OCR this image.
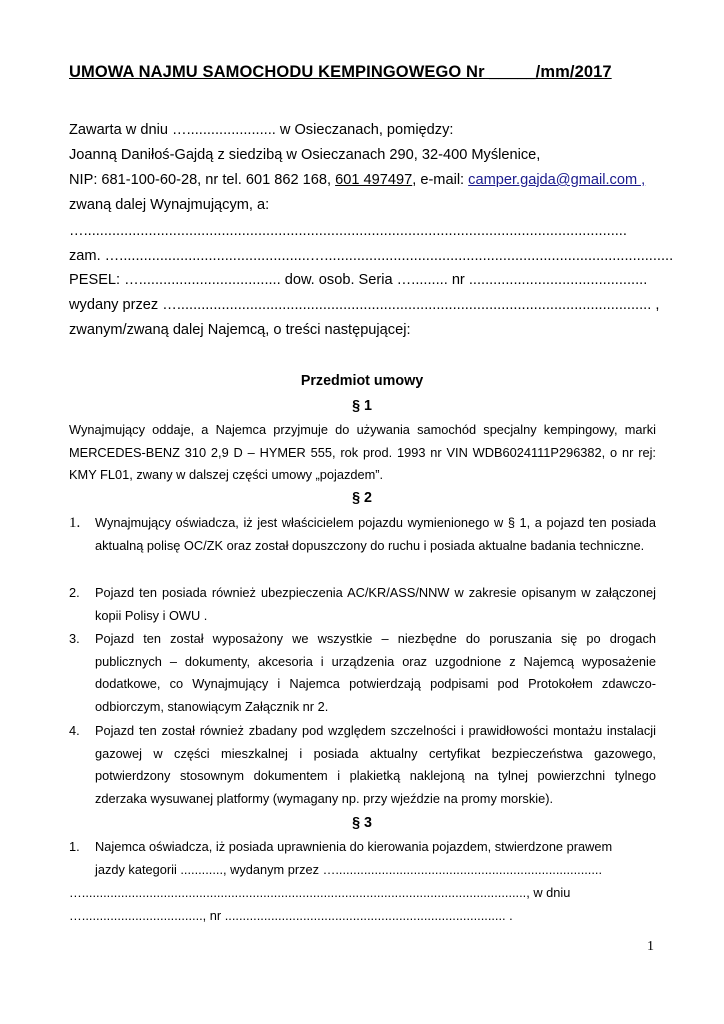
UMOWA NAJMU SAMOCHODU KEMPINGOWEGO Nr _____/mm/2017
Zawarta w dniu …...................... w Osieczanach, pomiędzy:
Joanną Daniłoś-Gajdą z siedzibą w Osieczanach 290, 32-400 Myślenice,
NIP: 681-100-60-28, nr tel. 601 862 168, 601 497497, e-mail: camper.gajda@gmail.com ,
zwaną dalej Wynajmującym, a:
…......................................................................................................................................
zam. …...............................................…......................................................................................
PESEL: …................................... dow. osob. Seria …......... nr ............................................
wydany przez …..................................................................................................................... ,
zwanym/zwaną dalej Najemcą, o treści następującej:
Przedmiot umowy
§ 1
Wynajmujący oddaje, a Najemca przyjmuje do używania samochód specjalny kempingowy, marki MERCEDES-BENZ 310 2,9 D – HYMER 555, rok prod. 1993 nr VIN WDB6024111P296382, o nr rej: KMY FL01, zwany w dalszej części umowy „pojazdem”.
§ 2
1.	Wynajmujący oświadcza, iż jest właścicielem pojazdu wymienionego w § 1, a pojazd ten posiada aktualną polisę OC/ZK oraz został dopuszczony do ruchu i posiada aktualne badania techniczne.
2.	Pojazd ten posiada również ubezpieczenia AC/KR/ASS/NNW w zakresie opisanym w załączonej kopii Polisy i OWU .
3.	Pojazd ten został wyposażony we wszystkie – niezbędne do poruszania się po drogach publicznych – dokumenty, akcesoria i urządzenia oraz uzgodnione z Najemcą wyposażenie dodatkowe, co Wynajmujący i Najemca potwierdzają podpisami pod Protokołem zdawczo-odbiorczym, stanowiącym Załącznik nr 2.
4.	Pojazd ten został również zbadany pod względem szczelności i prawidłowości montażu instalacji gazowej w części mieszkalnej i posiada aktualny certyfikat bezpieczeństwa gazowego, potwierdzony stosownym dokumentem i plakietką naklejoną na tylnej powierzchni tylnego zderzaka wysuwanej platformy (wymagany np. przy wjeździe na promy morskie).
§ 3
1.	Najemca oświadcza, iż posiada uprawnienia do kierowania pojazdem, stwierdzone prawem
jazdy kategorii ............, wydanym przez …...........................................................................
…............................................................................................................................., w dniu
….................................., nr ............................................................................... .
1
